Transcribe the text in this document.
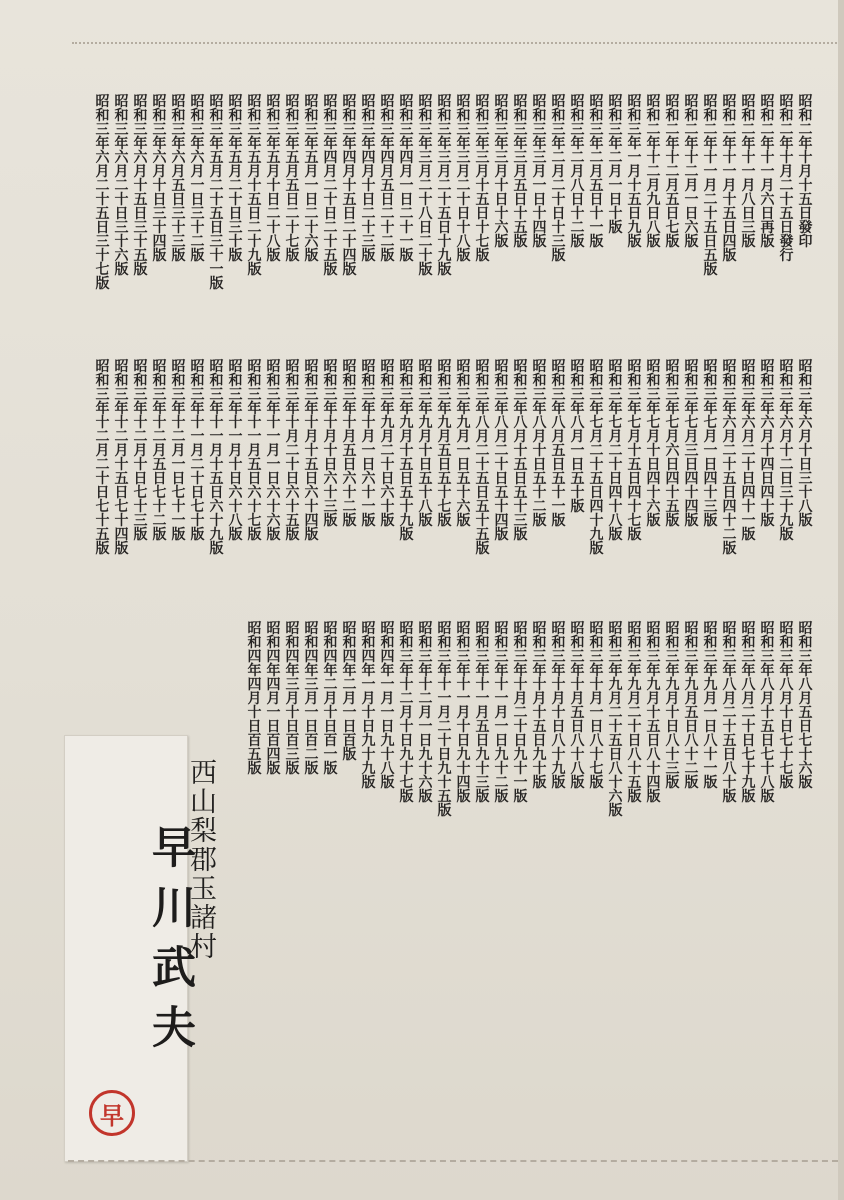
昭
和
二
年
十
月
十
五
日
發
印
昭
和
二
年
十
月
二
十
五
日
發
行
昭
和
二
年
十
一
月
六
日
再
版
昭
和
二
年
十
一
月
八
日
三
版
昭
和
二
年
十
一
月
十
五
日
四
版
昭
和
二
年
十
一
月
二
十
五
日
五
版
昭
和
二
年
十
二
月
一
日
六
版
昭
和
二
年
十
二
月
五
日
七
版
昭
和
二
年
十
二
月
九
日
八
版
昭
和
三
年
一
月
十
五
日
九
版
昭
和
三
年
二
月
一
日
十
版
昭
和
三
年
二
月
五
日
十
一
版
昭
和
三
年
二
月
八
日
十
二
版
昭
和
三
年
二
月
二
十
日
十
三
版
昭
和
三
年
三
月
一
日
十
四
版
昭
和
三
年
三
月
五
日
十
五
版
昭
和
三
年
三
月
十
日
十
六
版
昭
和
三
年
三
月
十
五
日
十
七
版
昭
和
三
年
三
月
二
十
日
十
八
版
昭
和
三
年
三
月
二
十
五
日
十
九
版
昭
和
三
年
三
月
二
十
八
日
二
十
版
昭
和
三
年
四
月
一
日
二
十
一
版
昭
和
三
年
四
月
五
日
二
十
二
版
昭
和
三
年
四
月
十
日
二
十
三
版
昭
和
三
年
四
月
十
五
日
二
十
四
版
昭
和
三
年
四
月
二
十
日
二
十
五
版
昭
和
三
年
五
月
一
日
二
十
六
版
昭
和
三
年
五
月
五
日
二
十
七
版
昭
和
三
年
五
月
十
日
二
十
八
版
昭
和
三
年
五
月
十
五
日
二
十
九
版
昭
和
三
年
五
月
二
十
日
三
十
版
昭
和
三
年
五
月
二
十
五
日
三
十
一
版
昭
和
三
年
六
月
一
日
三
十
二
版
昭
和
三
年
六
月
五
日
三
十
三
版
昭
和
三
年
六
月
十
日
三
十
四
版
昭
和
三
年
六
月
十
五
日
三
十
五
版
昭
和
三
年
六
月
二
十
日
三
十
六
版
昭
和
三
年
六
月
二
十
五
日
三
十
七
版
昭
和
三
年
六
月
十
日
三
十
八
版
昭
和
三
年
六
月
十
二
日
三
十
九
版
昭
和
三
年
六
月
十
四
日
四
十
版
昭
和
三
年
六
月
二
十
日
四
十
一
版
昭
和
三
年
六
月
二
十
五
日
四
十
二
版
昭
和
三
年
七
月
一
日
四
十
三
版
昭
和
三
年
七
月
三
日
四
十
四
版
昭
和
三
年
七
月
六
日
四
十
五
版
昭
和
三
年
七
月
十
日
四
十
六
版
昭
和
三
年
七
月
十
五
日
四
十
七
版
昭
和
三
年
七
月
二
十
日
四
十
八
版
昭
和
三
年
七
月
二
十
五
日
四
十
九
版
昭
和
三
年
八
月
一
日
五
十
版
昭
和
三
年
八
月
五
日
五
十
一
版
昭
和
三
年
八
月
十
日
五
十
二
版
昭
和
三
年
八
月
十
五
日
五
十
三
版
昭
和
三
年
八
月
二
十
日
五
十
四
版
昭
和
三
年
八
月
二
十
五
日
五
十
五
版
昭
和
三
年
九
月
一
日
五
十
六
版
昭
和
三
年
九
月
五
日
五
十
七
版
昭
和
三
年
九
月
十
日
五
十
八
版
昭
和
三
年
九
月
十
五
日
五
十
九
版
昭
和
三
年
九
月
二
十
日
六
十
版
昭
和
三
年
十
月
一
日
六
十
一
版
昭
和
三
年
十
月
五
日
六
十
二
版
昭
和
三
年
十
月
十
日
六
十
三
版
昭
和
三
年
十
月
十
五
日
六
十
四
版
昭
和
三
年
十
月
二
十
日
六
十
五
版
昭
和
三
年
十
一
月
一
日
六
十
六
版
昭
和
三
年
十
一
月
五
日
六
十
七
版
昭
和
三
年
十
一
月
十
日
六
十
八
版
昭
和
三
年
十
一
月
十
五
日
六
十
九
版
昭
和
三
年
十
一
月
二
十
日
七
十
版
昭
和
三
年
十
二
月
一
日
七
十
一
版
昭
和
三
年
十
二
月
五
日
七
十
二
版
昭
和
三
年
十
二
月
十
日
七
十
三
版
昭
和
三
年
十
二
月
十
五
日
七
十
四
版
昭
和
三
年
十
二
月
二
十
日
七
十
五
版
昭
和
三
年
八
月
五
日
七
十
六
版
昭
和
三
年
八
月
十
日
七
十
七
版
昭
和
三
年
八
月
十
五
日
七
十
八
版
昭
和
三
年
八
月
二
十
日
七
十
九
版
昭
和
三
年
八
月
二
十
五
日
八
十
版
昭
和
三
年
九
月
一
日
八
十
一
版
昭
和
三
年
九
月
五
日
八
十
二
版
昭
和
三
年
九
月
十
日
八
十
三
版
昭
和
三
年
九
月
十
五
日
八
十
四
版
昭
和
三
年
九
月
二
十
日
八
十
五
版
昭
和
三
年
九
月
二
十
五
日
八
十
六
版
昭
和
三
年
十
月
一
日
八
十
七
版
昭
和
三
年
十
月
五
日
八
十
八
版
昭
和
三
年
十
月
十
日
八
十
九
版
昭
和
三
年
十
月
十
五
日
九
十
版
昭
和
三
年
十
月
二
十
日
九
十
一
版
昭
和
三
年
十
一
月
一
日
九
十
二
版
昭
和
三
年
十
一
月
五
日
九
十
三
版
昭
和
三
年
十
一
月
十
日
九
十
四
版
昭
和
三
年
十
一
月
二
十
日
九
十
五
版
昭
和
三
年
十
二
月
一
日
九
十
六
版
昭
和
三
年
十
二
月
十
日
九
十
七
版
昭
和
四
年
一
月
一
日
九
十
八
版
昭
和
四
年
一
月
十
日
九
十
九
版
昭
和
四
年
二
月
一
日
百
版
昭
和
四
年
二
月
十
日
百
一
版
昭
和
四
年
三
月
一
日
百
二
版
昭
和
四
年
三
月
十
日
百
三
版
昭
和
四
年
四
月
一
日
百
四
版
昭
和
四
年
四
月
十
日
百
五
版
西山梨郡玉諸村
早川武夫
早
